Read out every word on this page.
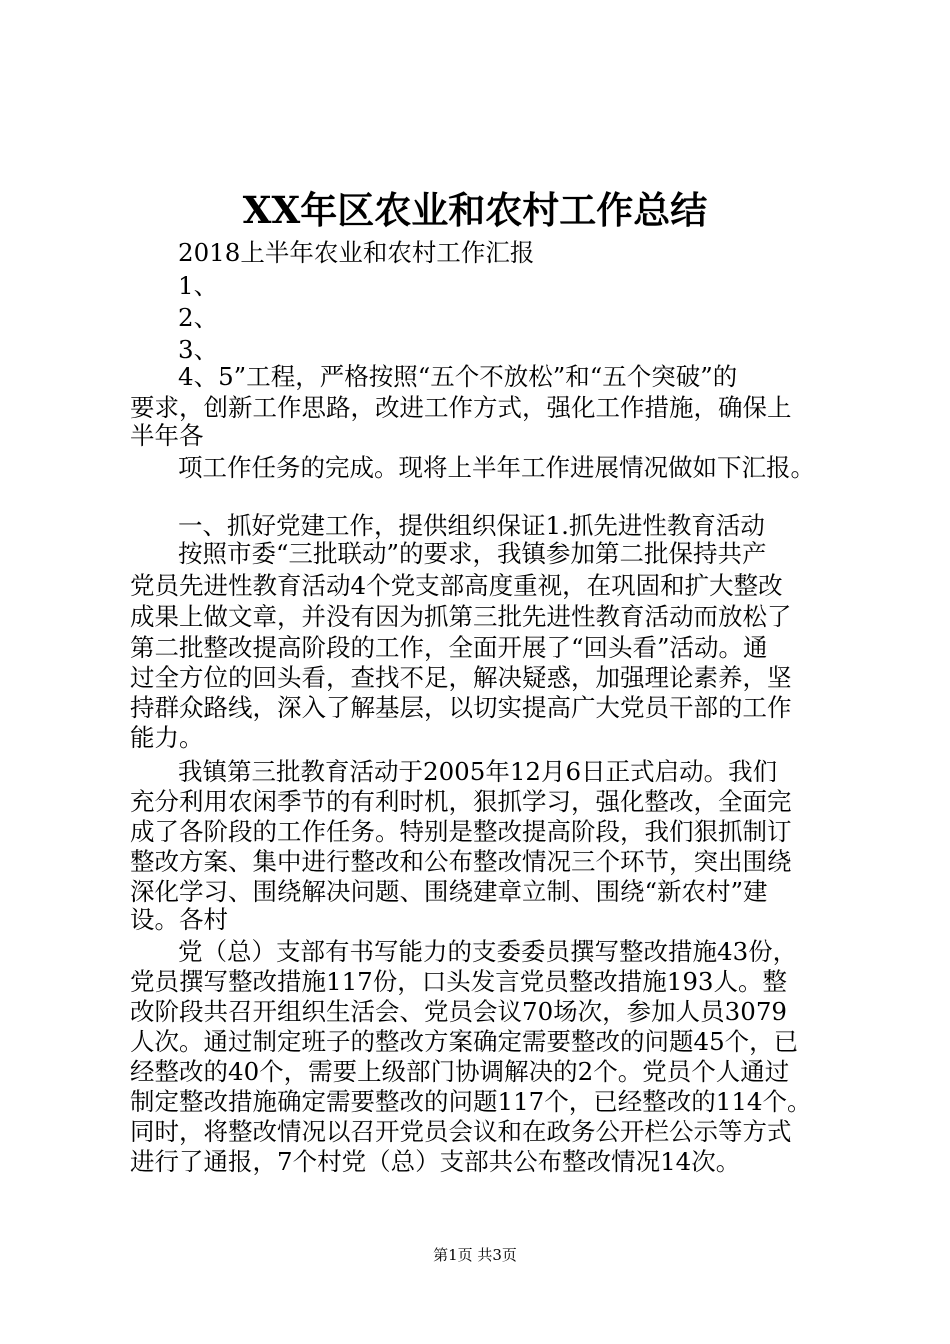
XX年区农业和农村工作总结

2018上半年农业和农村工作汇报

1、

2、

3、

4、5”工程，严格按照“五个不放松”和“五个突破”的

要求，创新工作思路，改进工作方式，强化工作措施，确保上

半年各

项工作任务的完成。现将上半年工作进展情况做如下汇报。

一、抓好党建工作，提供组织保证1.抓先进性教育活动

按照市委“三批联动”的要求，我镇参加第二批保持共产

党员先进性教育活动4个党支部高度重视，在巩固和扩大整改

成果上做文章，并没有因为抓第三批先进性教育活动而放松了

第二批整改提高阶段的工作，全面开展了“回头看”活动。通

过全方位的回头看，查找不足，解决疑惑，加强理论素养，坚

持群众路线，深入了解基层，以切实提高广大党员干部的工作

能力。

我镇第三批教育活动于2005年12月6日正式启动。我们

充分利用农闲季节的有利时机，狠抓学习，强化整改，全面完

成了各阶段的工作任务。特别是整改提高阶段，我们狠抓制订

整改方案、集中进行整改和公布整改情况三个环节，突出围绕

深化学习、围绕解决问题、围绕建章立制、围绕“新农村”建

设。各村

党（总）支部有书写能力的支委委员撰写整改措施43份，

党员撰写整改措施117份，口头发言党员整改措施193人。整

改阶段共召开组织生活会、党员会议70场次，参加人员3079

人次。通过制定班子的整改方案确定需要整改的问题45个，已

经整改的40个，需要上级部门协调解决的2个。党员个人通过

制定整改措施确定需要整改的问题117个，已经整改的114个。

同时，将整改情况以召开党员会议和在政务公开栏公示等方式

进行了通报，7个村党（总）支部共公布整改情况14次。

第1页 共3页
